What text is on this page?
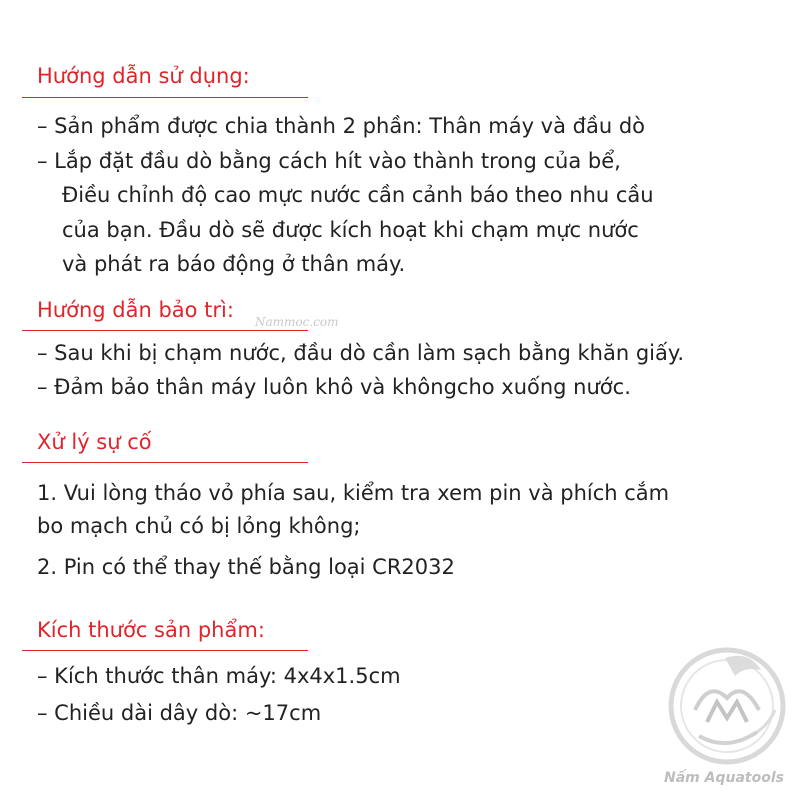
Hướng dẫn sử dụng:

– Sản phẩm được chia thành 2 phần: Thân máy và đầu dò

– Lắp đặt đầu dò bằng cách hít vào thành trong của bể,

Điều chỉnh độ cao mực nước cần cảnh báo theo nhu cầu

của bạn. Đầu dò sẽ được kích hoạt khi chạm mực nước

và phát ra báo động ở thân máy.

Hướng dẫn bảo trì: Nammoc.com

– Sau khi bị chạm nước, đầu dò cần làm sạch bằng khăn giấy.

– Đảm bảo thân máy luôn khô và khôngcho xuống nước.

Xử lý sự cố

1. Vui lòng tháo vỏ phía sau, kiểm tra xem pin và phích cắm

bo mạch chủ có bị lỏng không;

2. Pin có thể thay thế bằng loại CR2032

Kích thước sản phẩm:

– Kích thước thân máy: 4x4x1.5cm

– Chiều dài dây dò: ~17cm

Nấm Aquatools
